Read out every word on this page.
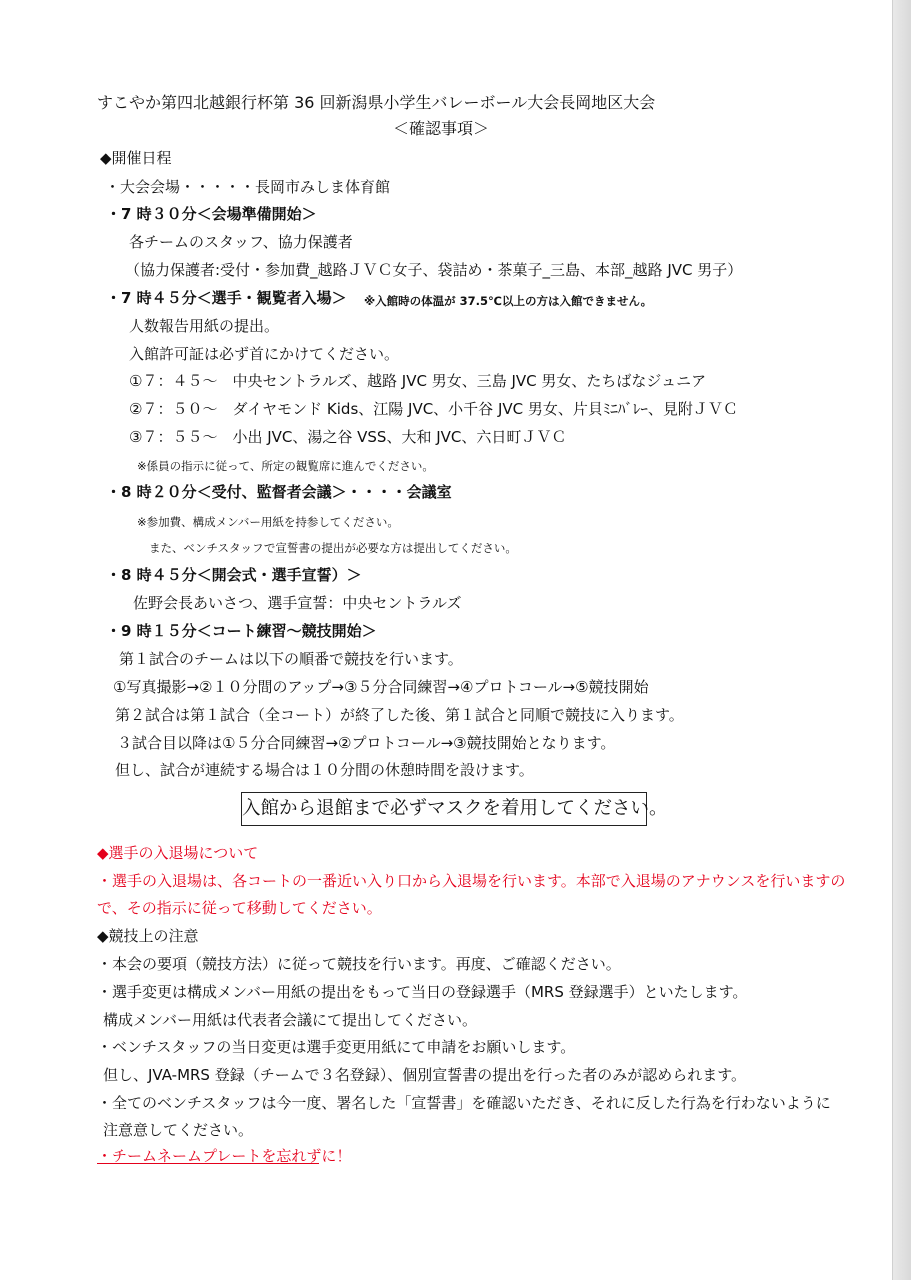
すこやか第四北越銀行杯第 36 回新潟県小学生バレーボール大会長岡地区大会
＜確認事項＞
◆開催日程
・大会会場・・・・・長岡市みしま体育館
・7 時３０分＜会場準備開始＞
各チームのスタッフ、協力保護者
（協力保護者:受付・参加費_越路ＪＶＣ女子、袋詰め・茶菓子_三島、本部_越路 JVC 男子）
・7 時４５分＜選手・観覧者入場＞ ※入館時の体温が 37.5℃以上の方は入館できません。
人数報告用紙の提出。
入館許可証は必ず首にかけてください。
①７：４５～　中央セントラルズ、越路 JVC 男女、三島 JVC 男女、たちばなジュニア
②７：５０～　ダイヤモンド Kids、江陽 JVC、小千谷 JVC 男女、片貝ﾐﾆﾊﾞﾚｰ、見附ＪＶＣ
③７：５５～　小出 JVC、湯之谷 VSS、大和 JVC、六日町ＪＶＣ
※係員の指示に従って、所定の観覧席に進んでください。
・8 時２０分＜受付、監督者会議＞・・・・会議室
※参加費、構成メンバー用紙を持参してください。
また、ベンチスタッフで宣誓書の提出が必要な方は提出してください。
・8 時４５分＜開会式・選手宣誓）＞
佐野会長あいさつ、選手宣誓：中央セントラルズ
・9 時１５分＜コート練習～競技開始＞
第１試合のチームは以下の順番で競技を行います。
①写真撮影→②１０分間のアップ→③５分合同練習→④プロトコール→⑤競技開始
第２試合は第１試合（全コート）が終了した後、第１試合と同順で競技に入ります。
３試合目以降は①５分合同練習→②プロトコール→③競技開始となります。
但し、試合が連続する場合は１０分間の休憩時間を設けます。
入館から退館まで必ずマスクを着用してください。
◆選手の入退場について
・選手の入退場は、各コートの一番近い入り口から入退場を行います。本部で入退場のアナウンスを行いますの
で、その指示に従って移動してください。
◆競技上の注意
・本会の要項（競技方法）に従って競技を行います。再度、ご確認ください。
・選手変更は構成メンバー用紙の提出をもって当日の登録選手（MRS 登録選手）といたします。
構成メンバー用紙は代表者会議にて提出してください。
・ベンチスタッフの当日変更は選手変更用紙にて申請をお願いします。
但し、JVA-MRS 登録（チームで３名登録）、個別宣誓書の提出を行った者のみが認められます。
・全てのベンチスタッフは今一度、署名した「宣誓書」を確認いただき、それに反した行為を行わないように
注意意してください。
・チームネームプレートを忘れずに！
